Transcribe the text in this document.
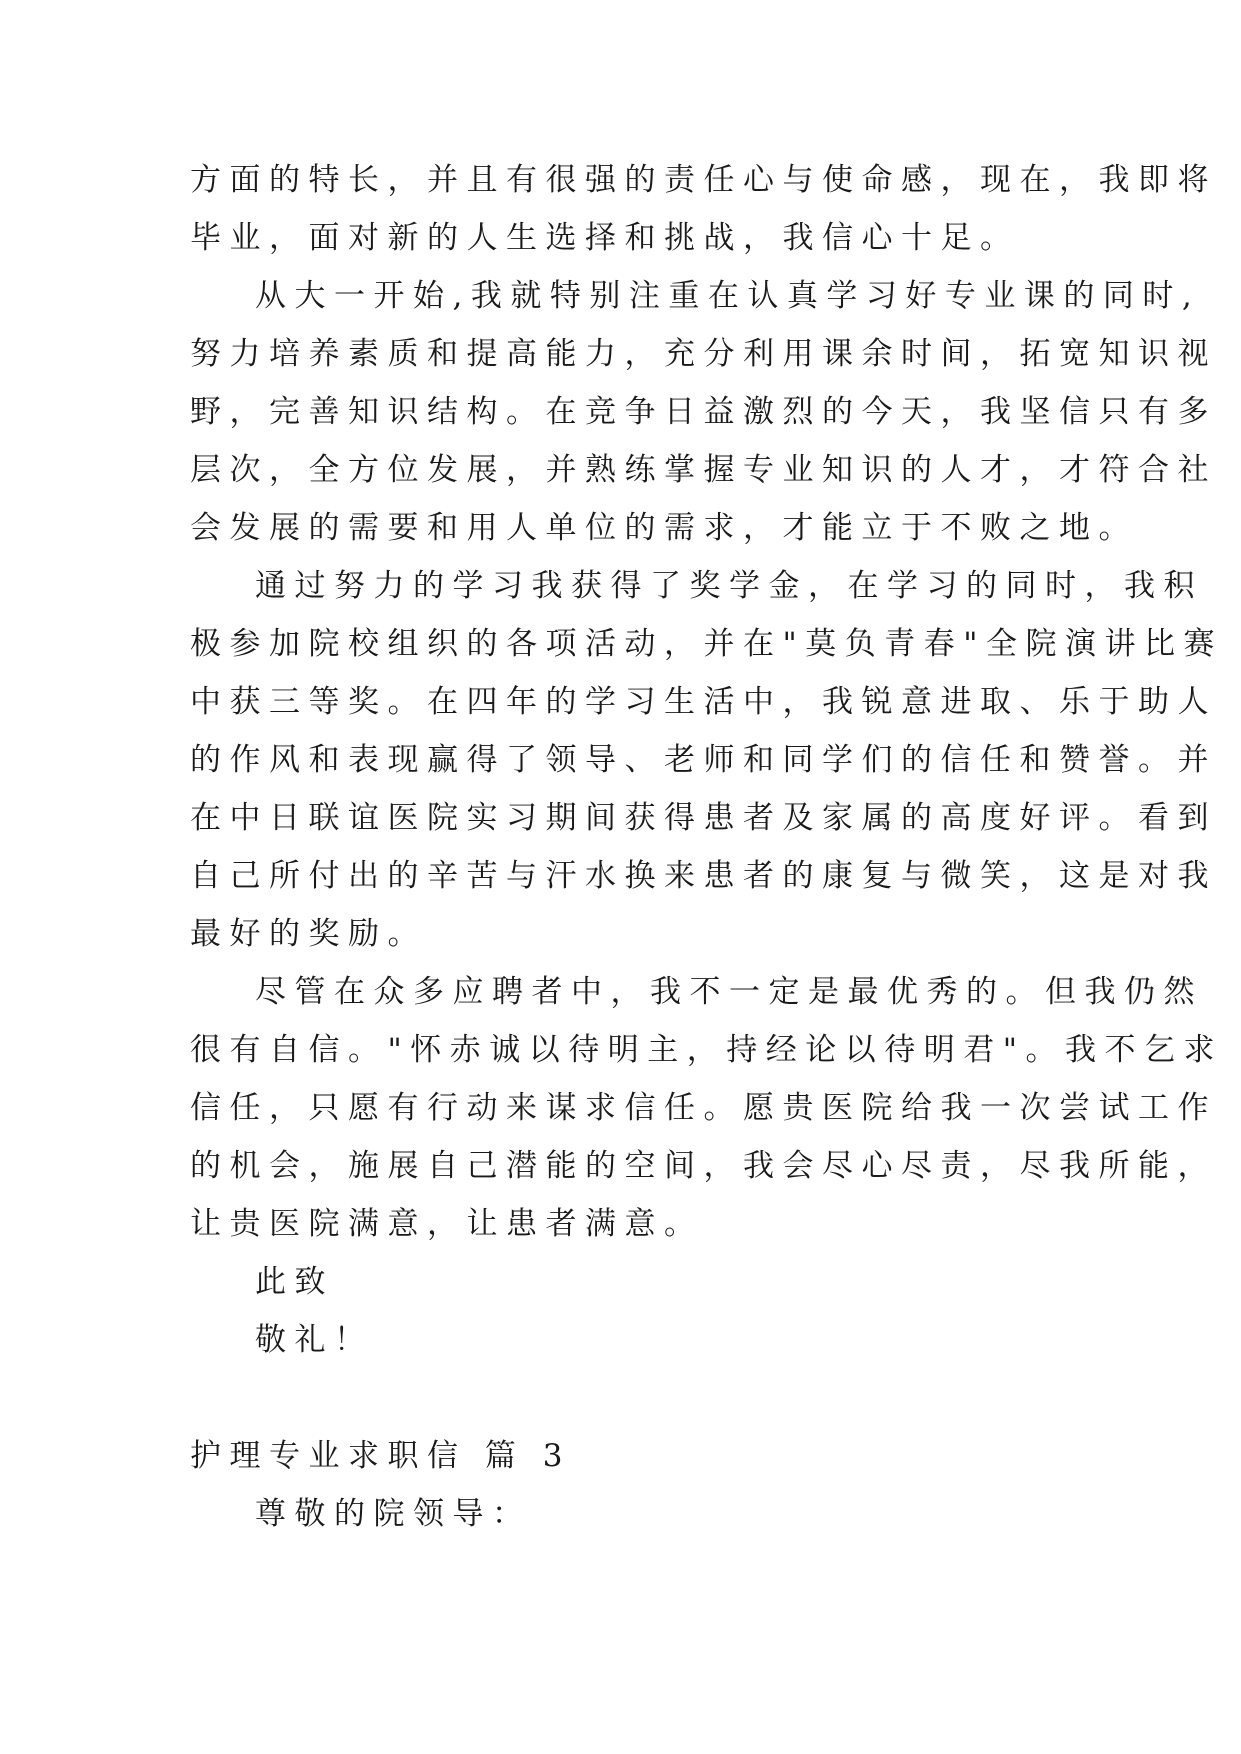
方面的特长，并且有很强的责任心与使命感，现在，我即将
毕业，面对新的人生选择和挑战，我信心十足。
从大一开始,我就特别注重在认真学习好专业课的同时,
努力培养素质和提高能力，充分利用课余时间，拓宽知识视
野，完善知识结构。在竞争日益激烈的今天，我坚信只有多
层次，全方位发展，并熟练掌握专业知识的人才，才符合社
会发展的需要和用人单位的需求，才能立于不败之地。
通过努力的学习我获得了奖学金，在学习的同时，我积
极参加院校组织的各项活动，并在"莫负青春"全院演讲比赛
中获三等奖。在四年的学习生活中，我锐意进取、乐于助人
的作风和表现赢得了领导、老师和同学们的信任和赞誉。并
在中日联谊医院实习期间获得患者及家属的高度好评。看到
自己所付出的辛苦与汗水换来患者的康复与微笑，这是对我
最好的奖励。
尽管在众多应聘者中，我不一定是最优秀的。但我仍然
很有自信。"怀赤诚以待明主，持经论以待明君"。我不乞求
信任，只愿有行动来谋求信任。愿贵医院给我一次尝试工作
的机会，施展自己潜能的空间，我会尽心尽责，尽我所能，
让贵医院满意，让患者满意。
此致
敬礼！
护理专业求职信 篇 3
尊敬的院领导：
